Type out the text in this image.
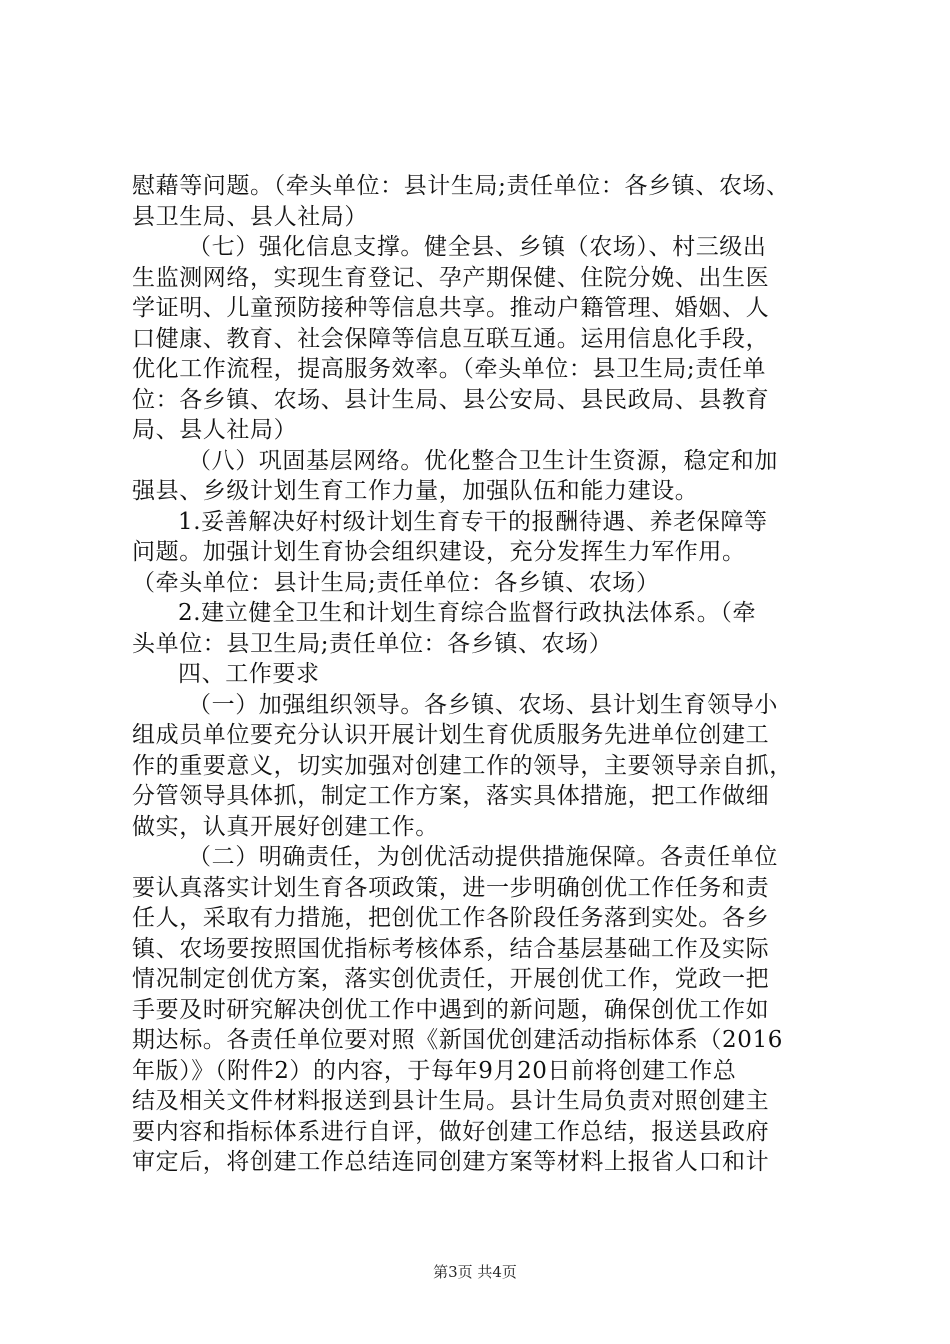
慰藉等问题。（牵头单位：县计生局;责任单位：各乡镇、农场、
县卫生局、县人社局）
（七）强化信息支撑。健全县、乡镇（农场）、村三级出
生监测网络，实现生育登记、孕产期保健、住院分娩、出生医
学证明、儿童预防接种等信息共享。推动户籍管理、婚姻、人
口健康、教育、社会保障等信息互联互通。运用信息化手段，
优化工作流程，提高服务效率。（牵头单位：县卫生局;责任单
位：各乡镇、农场、县计生局、县公安局、县民政局、县教育
局、县人社局）
（八）巩固基层网络。优化整合卫生计生资源，稳定和加
强县、乡级计划生育工作力量，加强队伍和能力建设。
1.妥善解决好村级计划生育专干的报酬待遇、养老保障等
问题。加强计划生育协会组织建设，充分发挥生力军作用。
（牵头单位：县计生局;责任单位：各乡镇、农场）
2.建立健全卫生和计划生育综合监督行政执法体系。（牵
头单位：县卫生局;责任单位：各乡镇、农场）
四、工作要求
（一）加强组织领导。各乡镇、农场、县计划生育领导小
组成员单位要充分认识开展计划生育优质服务先进单位创建工
作的重要意义，切实加强对创建工作的领导，主要领导亲自抓，
分管领导具体抓，制定工作方案，落实具体措施，把工作做细
做实，认真开展好创建工作。
（二）明确责任，为创优活动提供措施保障。各责任单位
要认真落实计划生育各项政策，进一步明确创优工作任务和责
任人，采取有力措施，把创优工作各阶段任务落到实处。各乡
镇、农场要按照国优指标考核体系，结合基层基础工作及实际
情况制定创优方案，落实创优责任，开展创优工作，党政一把
手要及时研究解决创优工作中遇到的新问题，确保创优工作如
期达标。各责任单位要对照《新国优创建活动指标体系（2016
年版）》（附件2）的内容，于每年9月20日前将创建工作总
结及相关文件材料报送到县计生局。县计生局负责对照创建主
要内容和指标体系进行自评，做好创建工作总结，报送县政府
审定后，将创建工作总结连同创建方案等材料上报省人口和计
第3页 共4页
